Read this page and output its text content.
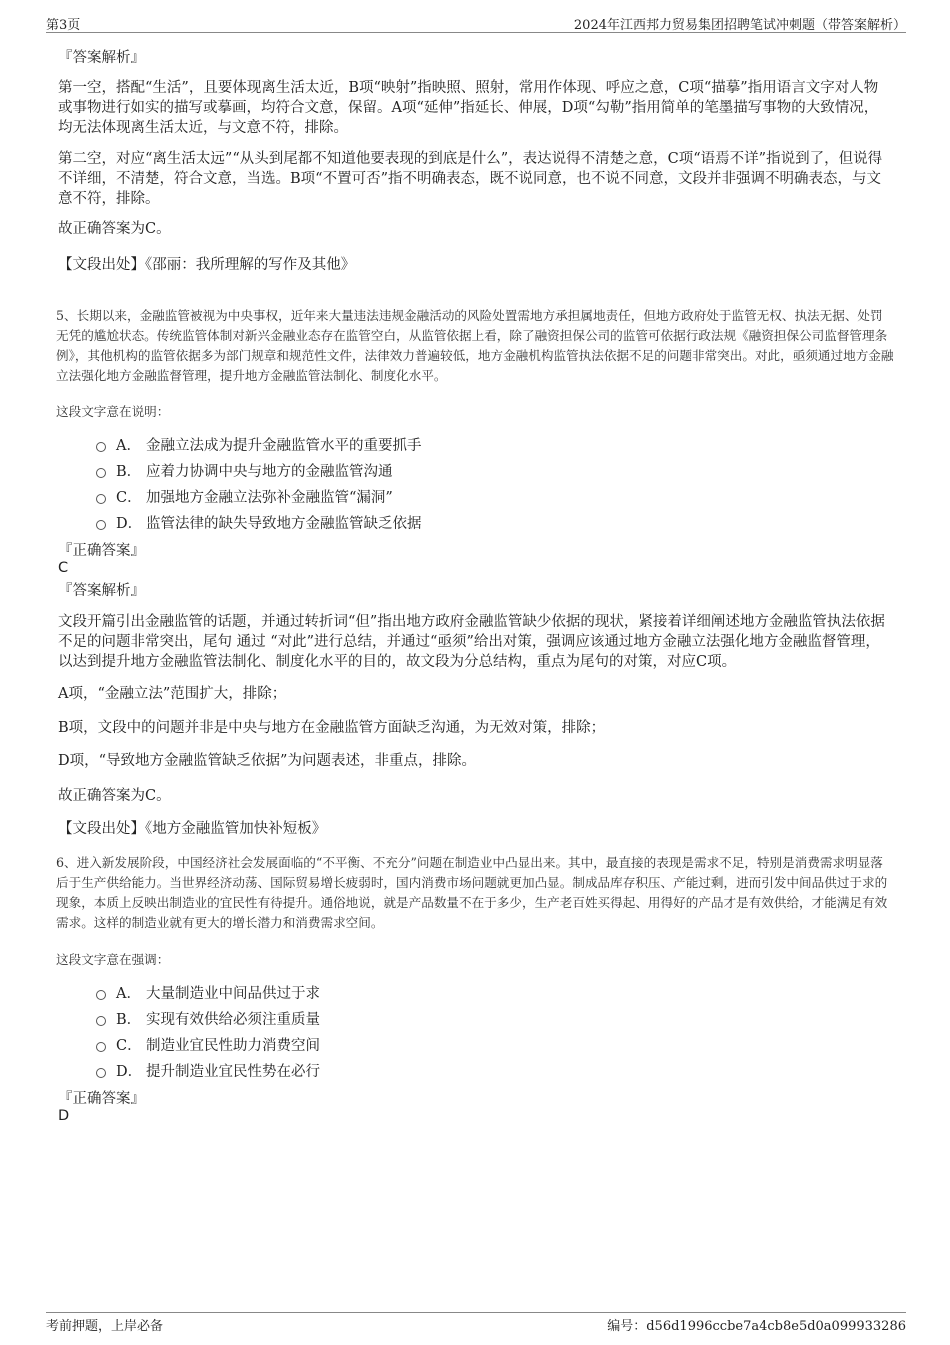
第3页	2024年江西邦力贸易集团招聘笔试冲刺题（带答案解析）
『答案解析』

第一空，搭配“生活”，且要体现离生活太近，B项“映射”指映照、照射，常用作体现、呼应之意，C项“描摹”指用语言文字对人物或事物进行如实的描写或摹画，均符合文意，保留。A项“延伸”指延长、伸展，D项“勾勒”指用简单的笔墨描写事物的大致情况，均无法体现离生活太近，与文意不符，排除。

第二空，对应“离生活太远”“从头到尾都不知道他要表现的到底是什么”，表达说得不清楚之意，C项“语焉不详”指说到了，但说得不详细，不清楚，符合文意，当选。B项“不置可否”指不明确表态，既不说同意，也不说不同意，文段并非强调不明确表态，与文意不符，排除。

故正确答案为C。

【文段出处】《邵丽：我所理解的写作及其他》

5、长期以来，金融监管被视为中央事权，近年来大量违法违规金融活动的风险处置需地方承担属地责任，但地方政府处于监管无权、执法无据、处罚无凭的尴尬状态。传统监管体制对新兴金融业态存在监管空白，从监管依据上看，除了融资担保公司的监管可依据行政法规《融资担保公司监督管理条例》，其他机构的监管依据多为部门规章和规范性文件，法律效力普遍较低，地方金融机构监管执法依据不足的问题非常突出。对此，亟须通过地方金融立法强化地方金融监督管理，提升地方金融监管法制化、制度化水平。

这段文字意在说明：
A． 金融立法成为提升金融监管水平的重要抓手
B． 应着力协调中央与地方的金融监管沟通
C． 加强地方金融立法弥补金融监管“漏洞”
D． 监管法律的缺失导致地方金融监管缺乏依据
『正确答案』
C
『答案解析』

文段开篇引出金融监管的话题，并通过转折词“但”指出地方政府金融监管缺少依据的现状，紧接着详细阐述地方金融监管执法依据不足的问题非常突出，尾句 通过 “对此”进行总结，并通过“亟须”给出对策，强调应该通过地方金融立法强化地方金融监督管理，以达到提升地方金融监管法制化、制度化水平的目的，故文段为分总结构，重点为尾句的对策，对应C项。

A项，“金融立法”范围扩大，排除；

B项，文段中的问题并非是中央与地方在金融监管方面缺乏沟通，为无效对策，排除；

D项，“导致地方金融监管缺乏依据”为问题表述，非重点，排除。

故正确答案为C。

【文段出处】《地方金融监管加快补短板》

6、进入新发展阶段，中国经济社会发展面临的“不平衡、不充分”问题在制造业中凸显出来。其中，最直接的表现是需求不足，特别是消费需求明显落后于生产供给能力。当世界经济动荡、国际贸易增长疲弱时，国内消费市场问题就更加凸显。制成品库存积压、产能过剩，进而引发中间品供过于求的现象，本质上反映出制造业的宜民性有待提升。通俗地说，就是产品数量不在于多少，生产老百姓买得起、用得好的产品才是有效供给，才能满足有效需求。这样的制造业就有更大的增长潜力和消费需求空间。

这段文字意在强调：
A． 大量制造业中间品供过于求
B． 实现有效供给必须注重质量
C． 制造业宜民性助力消费空间
D． 提升制造业宜民性势在必行
『正确答案』
D
考前押题，上岸必备	编号：d56d1996ccbe7a4cb8e5d0a099933286
